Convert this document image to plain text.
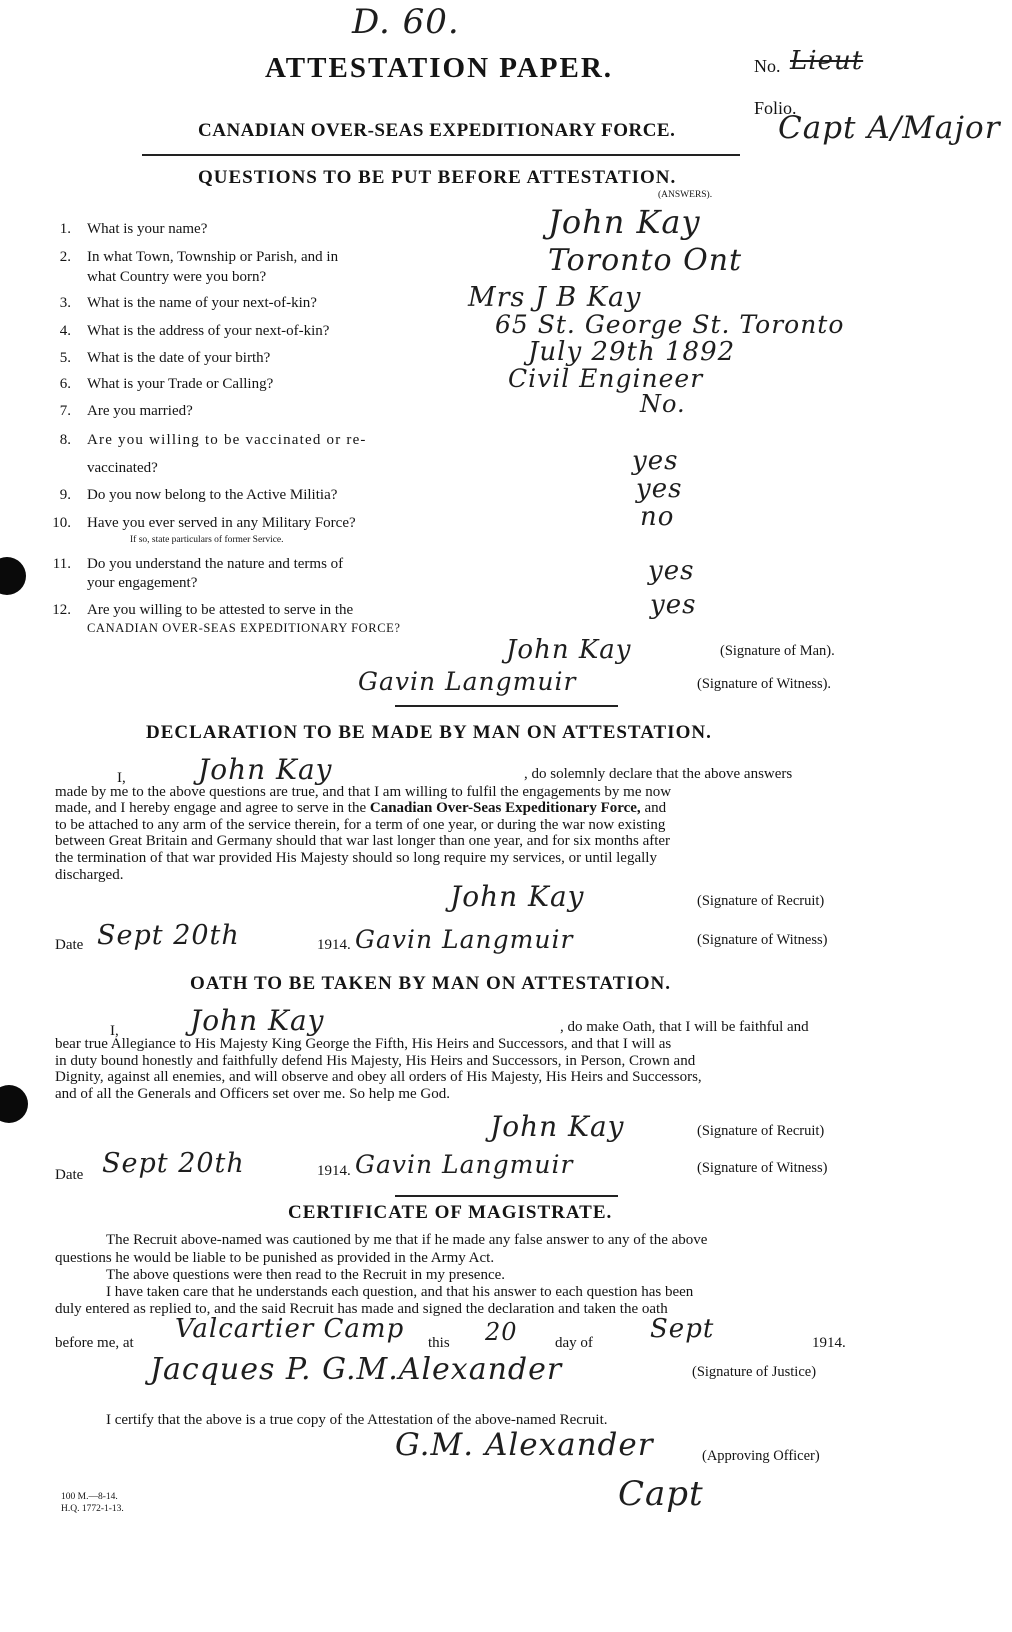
D. 60.
ATTESTATION PAPER.	No. Lieut
Folio.
CANADIAN OVER-SEAS EXPEDITIONARY FORCE.	Capt A/Major
QUESTIONS TO BE PUT BEFORE ATTESTATION.
(ANSWERS).
1. What is your name?	John Kay
2. In what Town, Township or Parish, and in
what Country were you born?	Toronto Ont
3. What is the name of your next-of-kin?	Mrs J B Kay
4. What is the address of your next-of-kin?	65 St. George St. Toronto
5. What is the date of your birth?	July 29th 1892
6. What is your Trade or Calling?	Civil Engineer
7. Are you married?	No.
8. Are you willing to be vaccinated or re-
vaccinated?	yes
9. Do you now belong to the Active Militia?	yes
10. Have you ever served in any Military Force?
If so, state particulars of former Service.
no
11. Do you understand the nature and terms of
your engagement?	yes
12. Are you willing to be attested to serve in the
CANADIAN OVER-SEAS EXPEDITIONARY FORCE?
yes
John Kay	(Signature of Man).
Gavin Langmuir	(Signature of Witness).
DECLARATION TO BE MADE BY MAN ON ATTESTATION.
I,	John Kay	, do solemnly declare that the above answers
made by me to the above questions are true, and that I am willing to fulfil the engagements by me now
made, and I hereby engage and agree to serve in the Canadian Over-Seas Expeditionary Force, and
to be attached to any arm of the service therein, for a term of one year, or during the war now existing
between Great Britain and Germany should that war last longer than one year, and for six months after
the termination of that war provided His Majesty should so long require my services, or until legally
discharged.
John Kay	(Signature of Recruit)
Date Sept 20th	1914. Gavin Langmuir	(Signature of Witness)
OATH TO BE TAKEN BY MAN ON ATTESTATION.
I,	John Kay	, do make Oath, that I will be faithful and
bear true Allegiance to His Majesty King George the Fifth, His Heirs and Successors, and that I will as
in duty bound honestly and faithfully defend His Majesty, His Heirs and Successors, in Person, Crown and
Dignity, against all enemies, and will observe and obey all orders of His Majesty, His Heirs and Successors,
and of all the Generals and Officers set over me. So help me God.
John Kay	(Signature of Recruit)
Date Sept 20th	1914. Gavin Langmuir	(Signature of Witness)
CERTIFICATE OF MAGISTRATE.
The Recruit above-named was cautioned by me that if he made any false answer to any of the above
questions he would be liable to be punished as provided in the Army Act.
The above questions were then read to the Recruit in my presence.
I have taken care that he understands each question, and that his answer to each question has been
duly entered as replied to, and the said Recruit has made and signed the declaration and taken the oath
before me, at Valcartier Camp this 20 day of Sept	1914.
Jacques P. G.M.Alexander	(Signature of Justice)
I certify that the above is a true copy of the Attestation of the above-named Recruit.
G.M. Alexander	(Approving Officer)
Capt
100 M.—8-14.
H.Q. 1772-1-13.
